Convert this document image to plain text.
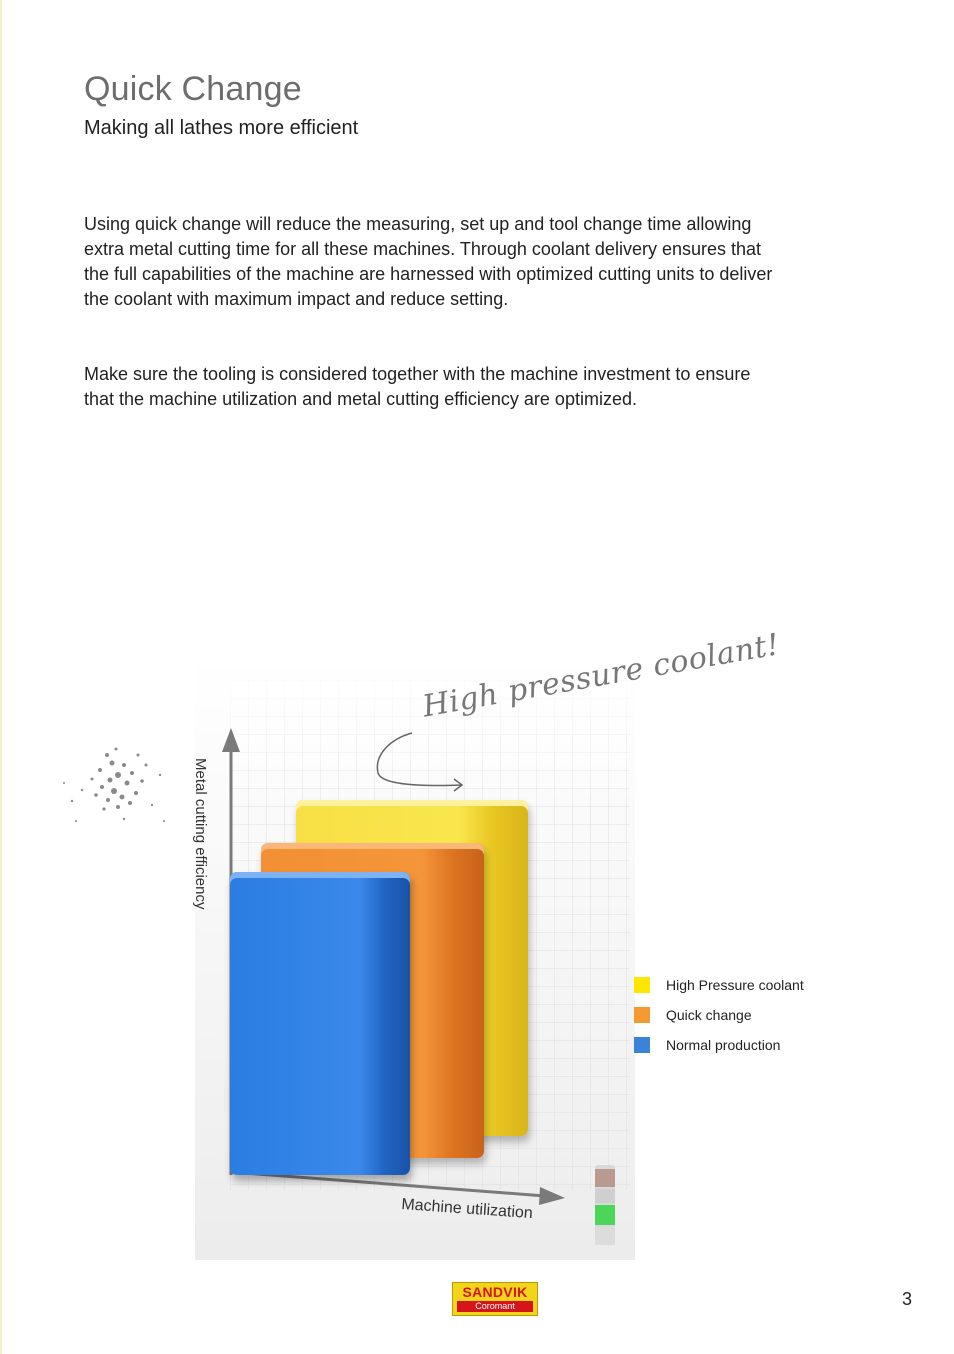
Quick Change

Making all lathes more efficient

Using quick change will reduce the measuring, set up and tool change time allowing extra metal cutting time for all these machines. Through coolant delivery ensures that the full capabilities of the machine are harnessed with optimized cutting units to deliver the coolant with maximum impact and reduce setting.

Make sure the tooling is considered together with the machine investment to ensure that the machine utilization and metal cutting efficiency are optimized.

Metal cutting efficiency
Machine utilization
High pressure coolant!
High Pressure coolant
Quick change
Normal production
SANDVIK
Coromant	3
